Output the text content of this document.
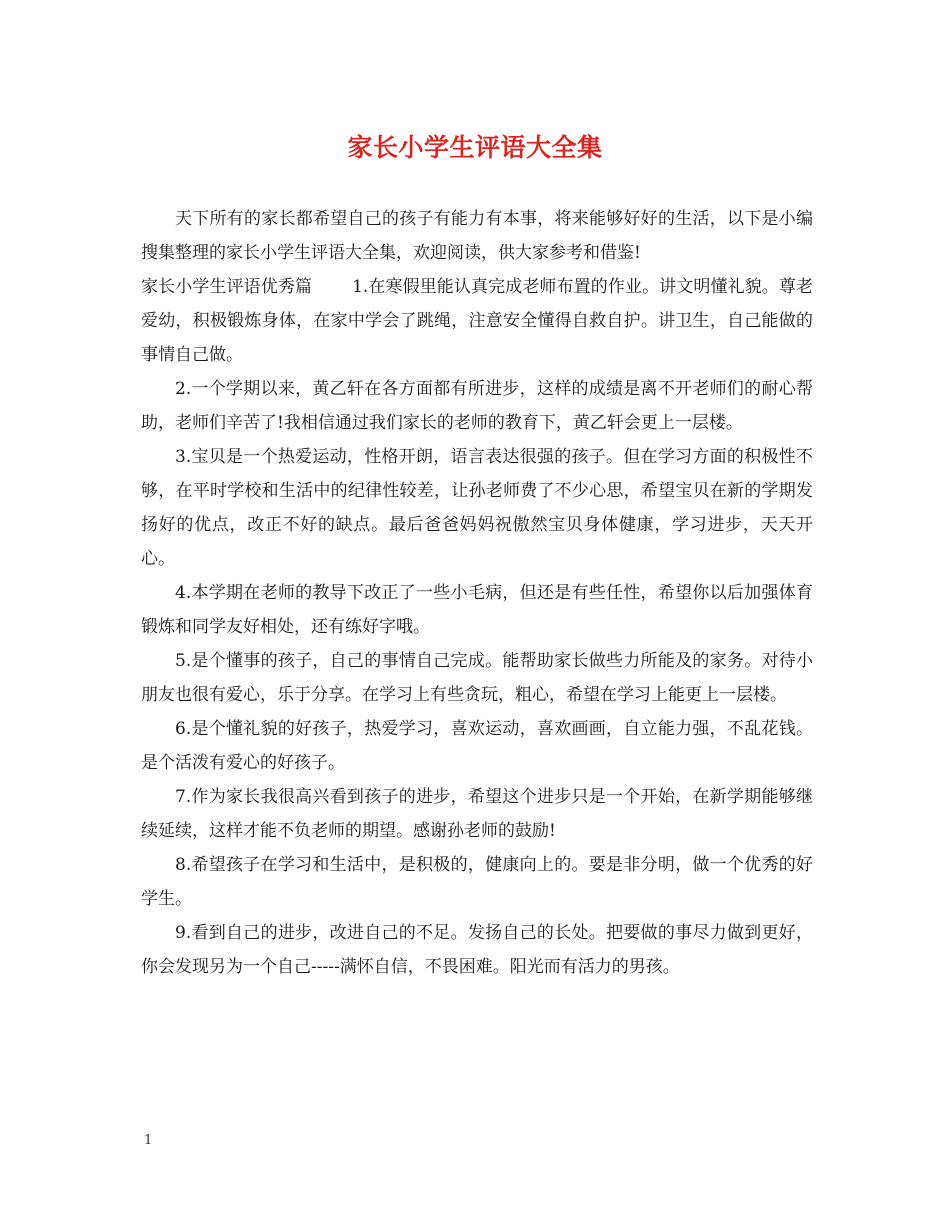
家长小学生评语大全集

天下所有的家长都希望自己的孩子有能力有本事，将来能够好好的生活，以下是小编搜集整理的家长小学生评语大全集，欢迎阅读，供大家参考和借鉴!

家长小学生评语优秀篇 1.在寒假里能认真完成老师布置的作业。讲文明懂礼貌。尊老爱幼，积极锻炼身体，在家中学会了跳绳，注意安全懂得自救自护。讲卫生，自己能做的事情自己做。

2.一个学期以来，黄乙轩在各方面都有所进步，这样的成绩是离不开老师们的耐心帮助，老师们辛苦了!我相信通过我们家长的老师的教育下，黄乙轩会更上一层楼。

3.宝贝是一个热爱运动，性格开朗，语言表达很强的孩子。但在学习方面的积极性不够，在平时学校和生活中的纪律性较差，让孙老师费了不少心思，希望宝贝在新的学期发扬好的优点，改正不好的缺点。最后爸爸妈妈祝傲然宝贝身体健康，学习进步，天天开心。

4.本学期在老师的教导下改正了一些小毛病，但还是有些任性，希望你以后加强体育锻炼和同学友好相处，还有练好字哦。

5.是个懂事的孩子，自己的事情自己完成。能帮助家长做些力所能及的家务。对待小朋友也很有爱心，乐于分享。在学习上有些贪玩，粗心，希望在学习上能更上一层楼。

6.是个懂礼貌的好孩子，热爱学习，喜欢运动，喜欢画画，自立能力强，不乱花钱。是个活泼有爱心的好孩子。

7.作为家长我很高兴看到孩子的进步，希望这个进步只是一个开始，在新学期能够继续延续，这样才能不负老师的期望。感谢孙老师的鼓励!

8.希望孩子在学习和生活中，是积极的，健康向上的。要是非分明，做一个优秀的好学生。

9.看到自己的进步，改进自己的不足。发扬自己的长处。把要做的事尽力做到更好，你会发现另为一个自己-----满怀自信，不畏困难。阳光而有活力的男孩。

1
